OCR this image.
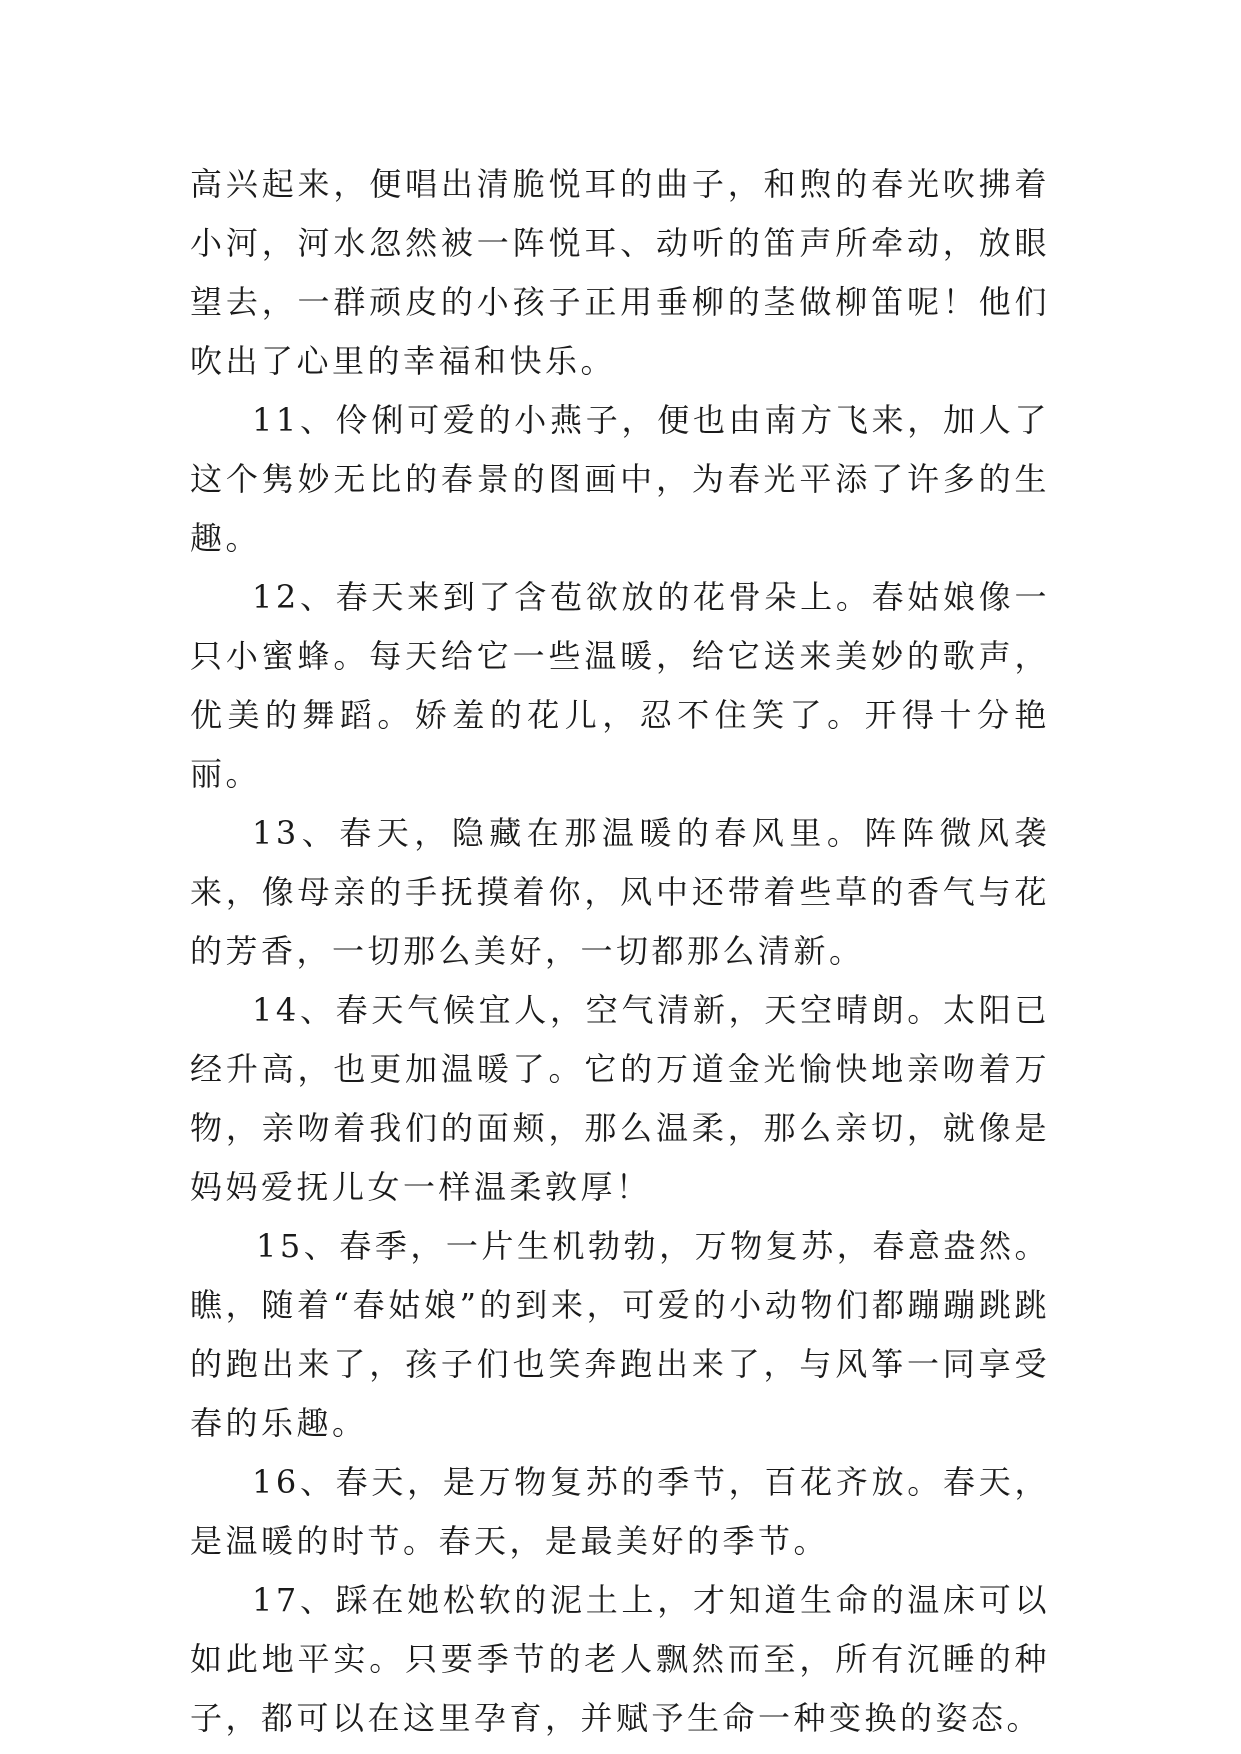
高兴起来，便唱出清脆悦耳的曲子，和煦的春光吹拂着小河，河水忽然被一阵悦耳、动听的笛声所牵动，放眼望去，一群顽皮的小孩子正用垂柳的茎做柳笛呢！他们吹出了心里的幸福和快乐。

11、伶俐可爱的小燕子，便也由南方飞来，加人了这个隽妙无比的春景的图画中，为春光平添了许多的生趣。

12、春天来到了含苞欲放的花骨朵上。春姑娘像一只小蜜蜂。每天给它一些温暖，给它送来美妙的歌声，优美的舞蹈。娇羞的花儿，忍不住笑了。开得十分艳丽。

13、春天，隐藏在那温暖的春风里。阵阵微风袭来，像母亲的手抚摸着你，风中还带着些草的香气与花的芳香，一切那么美好，一切都那么清新。

14、春天气候宜人，空气清新，天空晴朗。太阳已经升高，也更加温暖了。它的万道金光愉快地亲吻着万物，亲吻着我们的面颊，那么温柔，那么亲切，就像是妈妈爱抚儿女一样温柔敦厚！

15、春季，一片生机勃勃，万物复苏，春意盎然。瞧，随着“春姑娘”的到来，可爱的小动物们都蹦蹦跳跳的跑出来了，孩子们也笑奔跑出来了，与风筝一同享受春的乐趣。

16、春天，是万物复苏的季节，百花齐放。春天，是温暖的时节。春天，是最美好的季节。

17、踩在她松软的泥土上，才知道生命的温床可以如此地平实。只要季节的老人飘然而至，所有沉睡的种子，都可以在这里孕育，并赋予生命一种变换的姿态。
